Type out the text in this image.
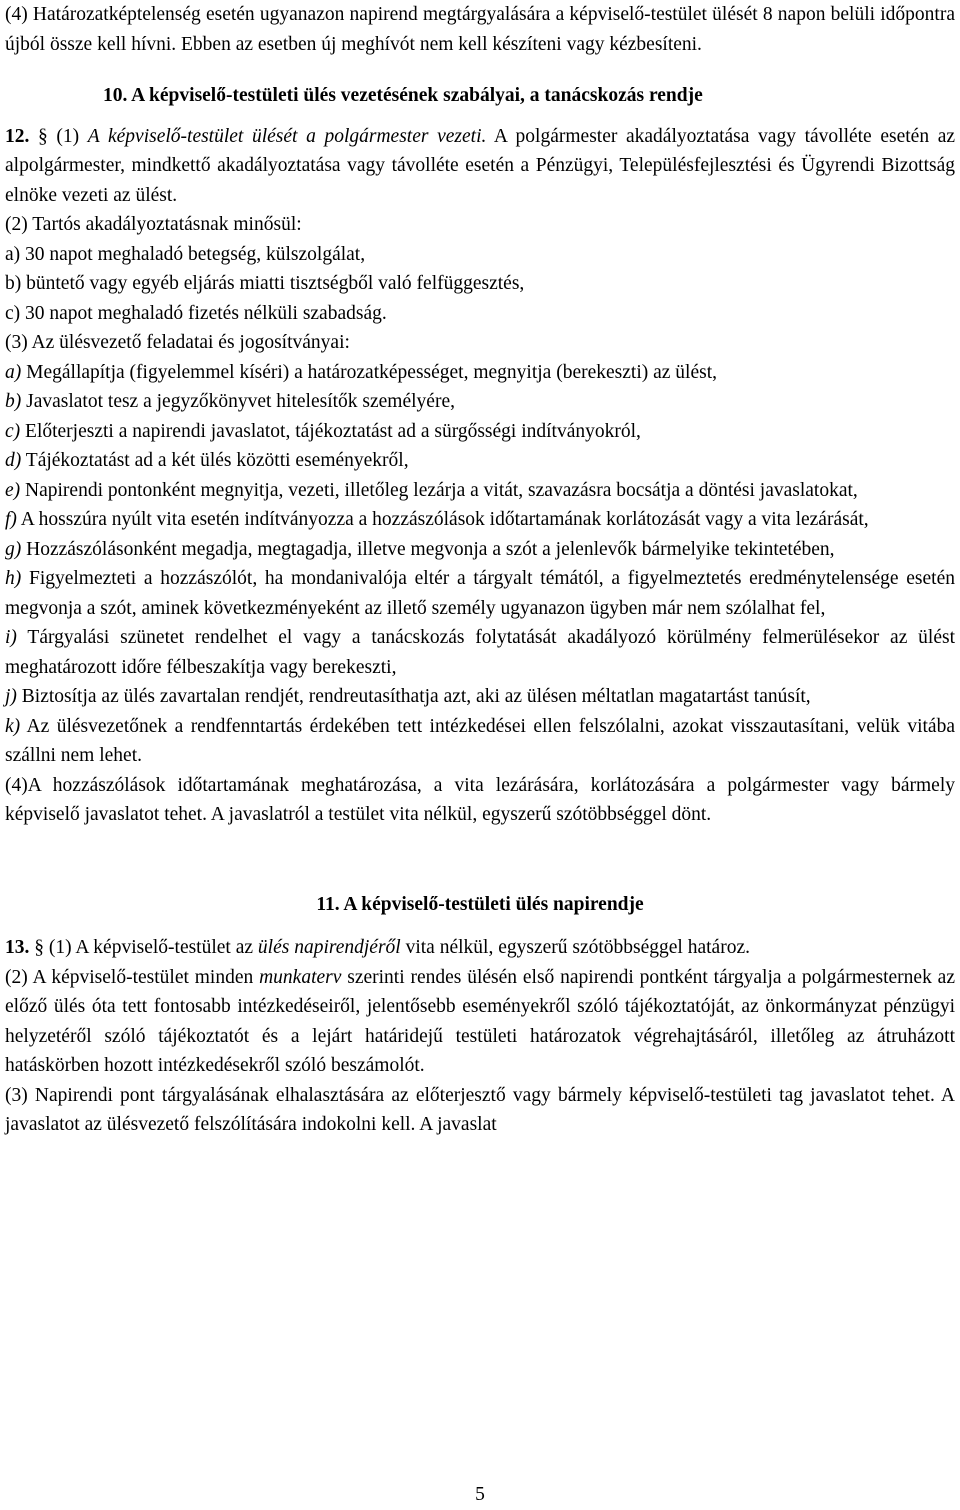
(4) Határozatképtelenség esetén ugyanazon napirend megtárgyalására a képviselő-testület ülését 8 napon belüli időpontra újból össze kell hívni. Ebben az esetben új meghívót nem kell készíteni vagy kézbesíteni.

10. A képviselő-testületi ülés vezetésének szabályai, a tanácskozás rendje

12. § (1) A képviselő-testület ülését a polgármester vezeti. A polgármester akadályoztatása vagy távolléte esetén az alpolgármester, mindkettő akadályoztatása vagy távolléte esetén a Pénzügyi, Településfejlesztési és Ügyrendi Bizottság elnöke vezeti az ülést.

(2) Tartós akadályoztatásnak minősül:

a) 30 napot meghaladó betegség, külszolgálat,

b) büntető vagy egyéb eljárás miatti tisztségből való felfüggesztés,

c) 30 napot meghaladó fizetés nélküli szabadság.

(3) Az ülésvezető feladatai és jogosítványai:

a) Megállapítja (figyelemmel kíséri) a határozatképességet, megnyitja (berekeszti) az ülést,

b) Javaslatot tesz a jegyzőkönyvet hitelesítők személyére,

c) Előterjeszti a napirendi javaslatot, tájékoztatást ad a sürgősségi indítványokról,

d) Tájékoztatást ad a két ülés közötti eseményekről,

e) Napirendi pontonként megnyitja, vezeti, illetőleg lezárja a vitát, szavazásra bocsátja a döntési javaslatokat,

f) A hosszúra nyúlt vita esetén indítványozza a hozzászólások időtartamának korlátozását vagy a vita lezárását,

g) Hozzászólásonként megadja, megtagadja, illetve megvonja a szót a jelenlevők bármelyike tekintetében,

h) Figyelmezteti a hozzászólót, ha mondanivalója eltér a tárgyalt témától, a figyelmeztetés eredménytelensége esetén megvonja a szót, aminek következményeként az illető személy ugyanazon ügyben már nem szólalhat fel,

i) Tárgyalási szünetet rendelhet el vagy a tanácskozás folytatását akadályozó körülmény felmerülésekor az ülést meghatározott időre félbeszakítja vagy berekeszti,

j) Biztosítja az ülés zavartalan rendjét, rendreutasíthatja azt, aki az ülésen méltatlan magatartást tanúsít,

k) Az ülésvezetőnek a rendfenntartás érdekében tett intézkedései ellen felszólalni, azokat visszautasítani, velük vitába szállni nem lehet.

(4)A hozzászólások időtartamának meghatározása, a vita lezárására, korlátozására a polgármester vagy bármely képviselő javaslatot tehet. A javaslatról a testület vita nélkül, egyszerű szótöbbséggel dönt.

11. A képviselő-testületi ülés napirendje

13. § (1) A képviselő-testület az ülés napirendjéről vita nélkül, egyszerű szótöbbséggel határoz.

(2) A képviselő-testület minden munkaterv szerinti rendes ülésén első napirendi pontként tárgyalja a polgármesternek az előző ülés óta tett fontosabb intézkedéseiről, jelentősebb eseményekről szóló tájékoztatóját, az önkormányzat pénzügyi helyzetéről szóló tájékoztatót és a lejárt határidejű testületi határozatok végrehajtásáról, illetőleg az átruházott hatáskörben hozott intézkedésekről szóló beszámolót.

(3) Napirendi pont tárgyalásának elhalasztására az előterjesztő vagy bármely képviselő-testületi tag javaslatot tehet. A javaslatot az ülésvezető felszólítására indokolni kell. A javaslat

5
